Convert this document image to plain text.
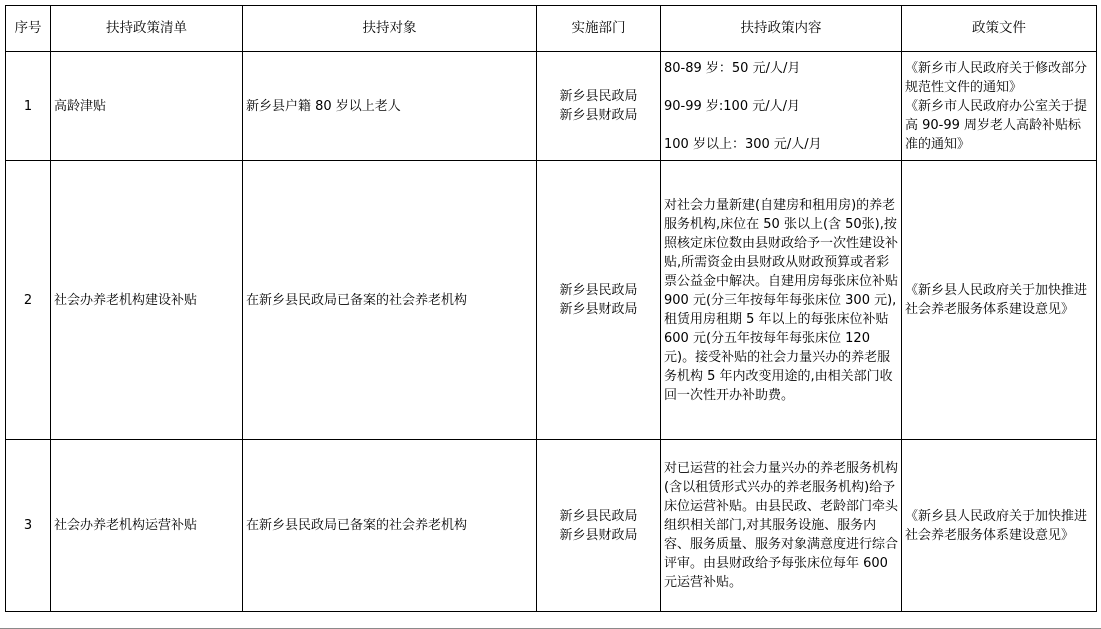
序号	扶持政策清单	扶持对象	实施部门	扶持政策内容	政策文件
1	高龄津贴	新乡县户籍 80 岁以上老人	新乡县民政局
新乡县财政局	80-89 岁：50 元/人/月
90-99 岁:100 元/人/月
100 岁以上：300 元/人/月	《新乡市人民政府关于修改部分规范性文件的通知》
《新乡市人民政府办公室关于提高 90-99 周岁老人高龄补贴标准的通知》

2	社会办养老机构建设补贴	在新乡县民政局已备案的社会养老机构	新乡县民政局
新乡县财政局	对社会力量新建(自建房和租用房)的养老服务机构,床位在 50 张以上(含 50张),按照核定床位数由县财政给予一次性建设补贴,所需资金由县财政从财政预算或者彩票公益金中解决。自建用房每张床位补贴 900 元(分三年按每年每张床位 300 元),租赁用房租期 5 年以上的每张床位补贴 600 元(分五年按每年每张床位 120 元)。接受补贴的社会力量兴办的养老服务机构 5 年内改变用途的,由相关部门收回一次性开办补助费。	《新乡县人民政府关于加快推进社会养老服务体系建设意见》
3	社会办养老机构运营补贴	在新乡县民政局已备案的社会养老机构	新乡县民政局
新乡县财政局	对已运营的社会力量兴办的养老服务机构(含以租赁形式兴办的养老服务机构)给予床位运营补贴。由县民政、老龄部门牵头组织相关部门,对其服务设施、服务内容、服务质量、服务对象满意度进行综合评审。由县财政给予每张床位每年 600 元运营补贴。	《新乡县人民政府关于加快推进社会养老服务体系建设意见》
